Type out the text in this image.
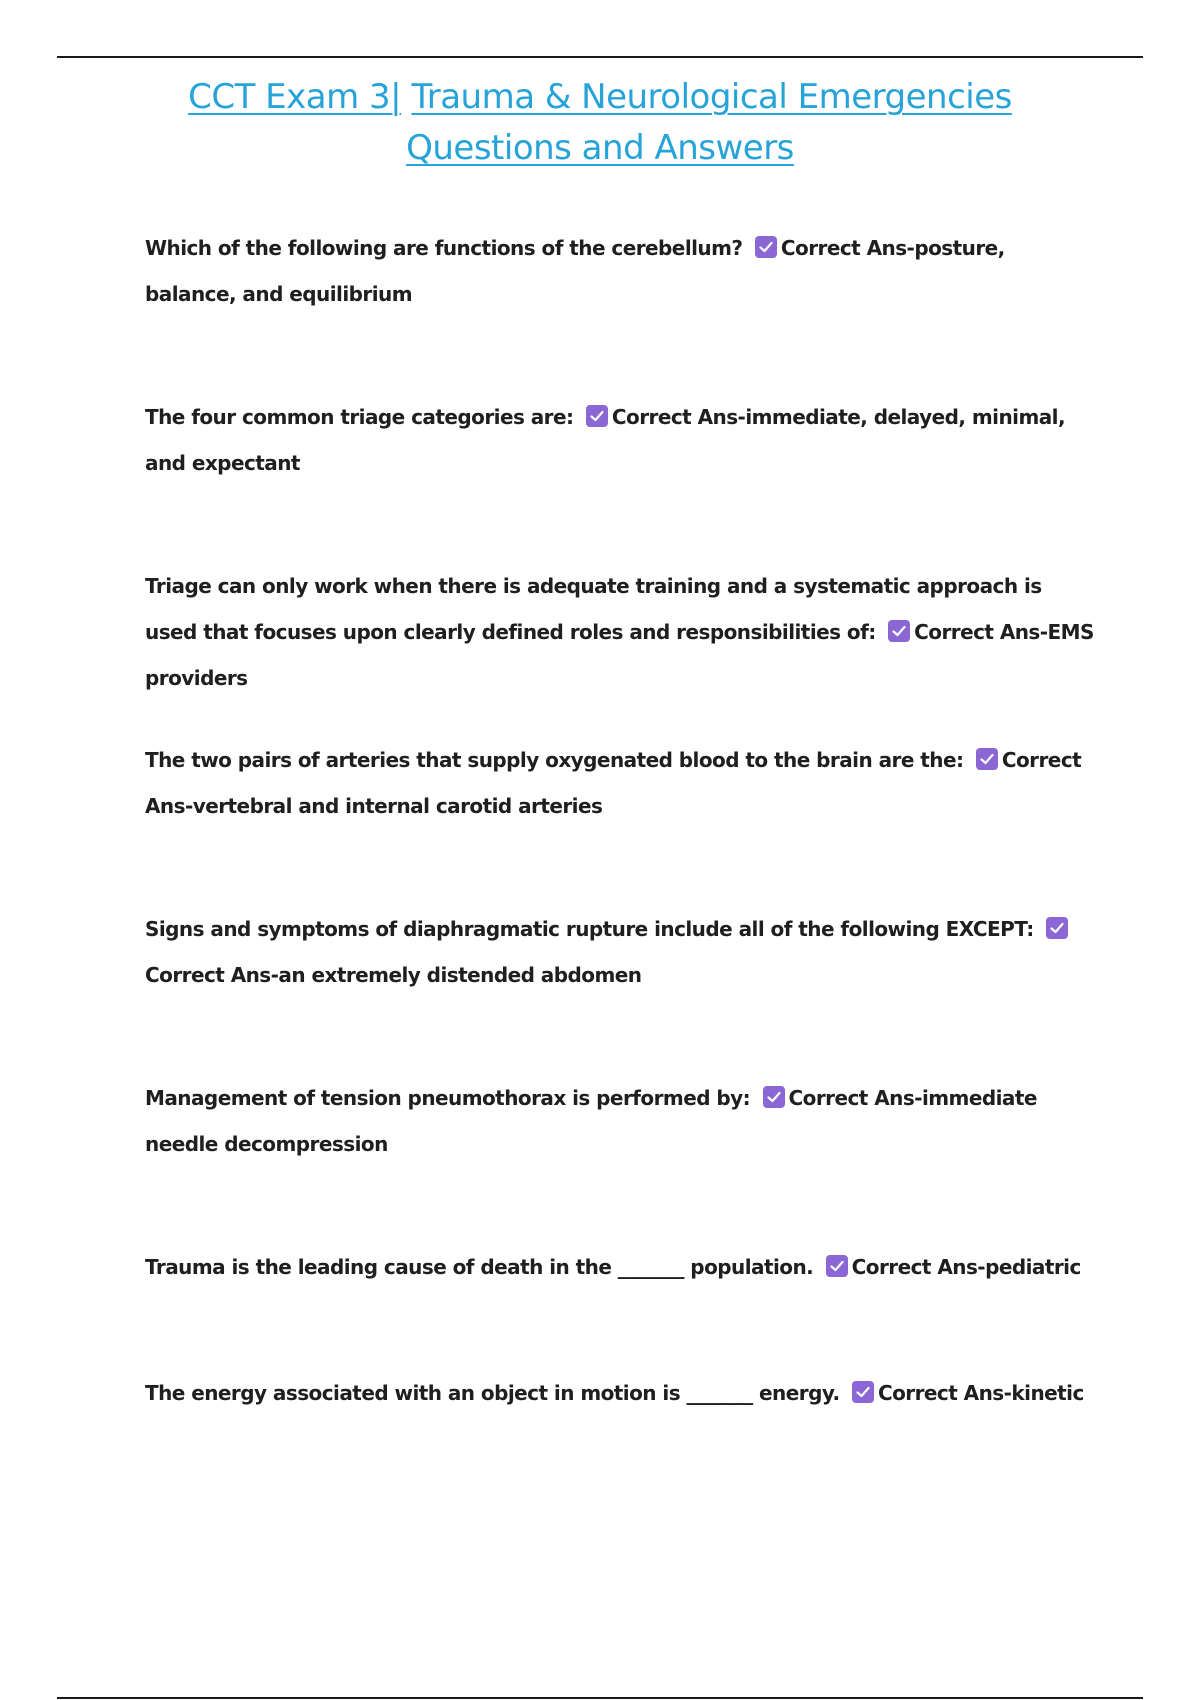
CCT Exam 3| Trauma & Neurological Emergencies
Questions and Answers
Which of the following are functions of the cerebellum? Correct Ans-posture, balance, and equilibrium
The four common triage categories are: Correct Ans-immediate, delayed, minimal, and expectant
Triage can only work when there is adequate training and a systematic approach is used that focuses upon clearly defined roles and responsibilities of: Correct Ans-EMS providers
The two pairs of arteries that supply oxygenated blood to the brain are the: Correct Ans-vertebral and internal carotid arteries
Signs and symptoms of diaphragmatic rupture include all of the following EXCEPT:
Correct Ans-an extremely distended abdomen
Management of tension pneumothorax is performed by: Correct Ans-immediate needle decompression
Trauma is the leading cause of death in the _______ population. Correct Ans-pediatric
The energy associated with an object in motion is _______ energy. Correct Ans-kinetic
